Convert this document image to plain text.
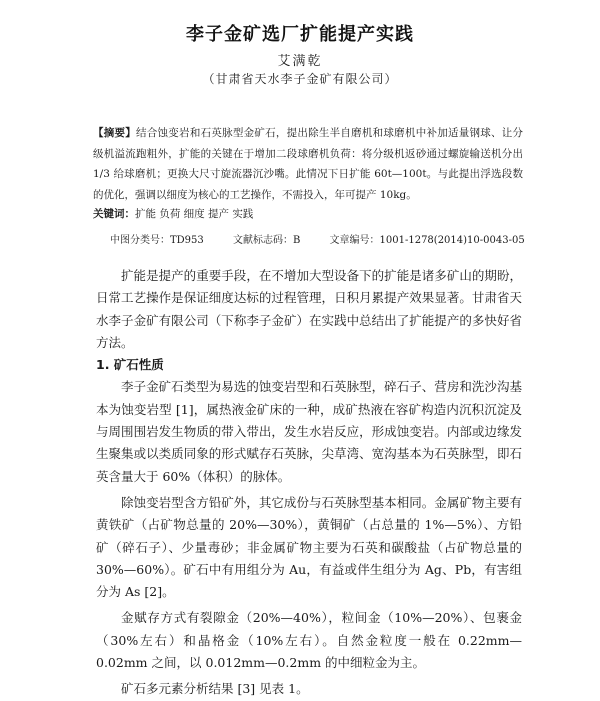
李子金矿选厂扩能提产实践
艾满乾
（甘肃省天水李子金矿有限公司）
【摘要】结合蚀变岩和石英脉型金矿石，提出除生半自磨机和球磨机中补加适量钢球、让分级机溢流跑粗外，扩能的关键在于增加二段球磨机负荷：将分级机返砂通过螺旋输送机分出 1/3 给球磨机；更换大尺寸旋流器沉沙嘴。此情况下日扩能 60t—100t。与此提出浮选段数的优化，强调以细度为核心的工艺操作，不需投入，年可提产 10kg。
关键词：扩能 负荷 细度 提产 实践
中图分类号：TD953	文献标志码：B	文章编号：1001-1278(2014)10-0043-05

扩能是提产的重要手段，在不增加大型设备下的扩能是诸多矿山的期盼，日常工艺操作是保证细度达标的过程管理，日积月累提产效果显著。甘肃省天水李子金矿有限公司（下称李子金矿）在实践中总结出了扩能提产的多快好省方法。

1. 矿石性质

李子金矿石类型为易选的蚀变岩型和石英脉型，碎石子、营房和洗沙沟基本为蚀变岩型 [1]，属热液金矿床的一种，成矿热液在容矿构造内沉积沉淀及与周围围岩发生物质的带入带出，发生水岩反应，形成蚀变岩。内部或边缘发生聚集或以类质同象的形式赋存石英脉，尖草湾、宽沟基本为石英脉型，即石英含量大于 60%（体积）的脉体。

除蚀变岩型含方铅矿外，其它成份与石英脉型基本相同。金属矿物主要有黄铁矿（占矿物总量的 20%—30%），黄铜矿（占总量的 1%—5%）、方铅矿（碎石子）、少量毒砂；非金属矿物主要为石英和碳酸盐（占矿物总量的 30%—60%）。矿石中有用组分为 Au，有益或伴生组分为 Ag、Pb，有害组分为 As [2]。

金赋存方式有裂隙金（20%—40%），粒间金（10%—20%）、包裹金（30%左右）和晶格金（10%左右）。自然金粒度一般在 0.22mm—0.02mm 之间，以 0.012mm—0.2mm 的中细粒金为主。

矿石多元素分析结果 [3] 见表 1。
